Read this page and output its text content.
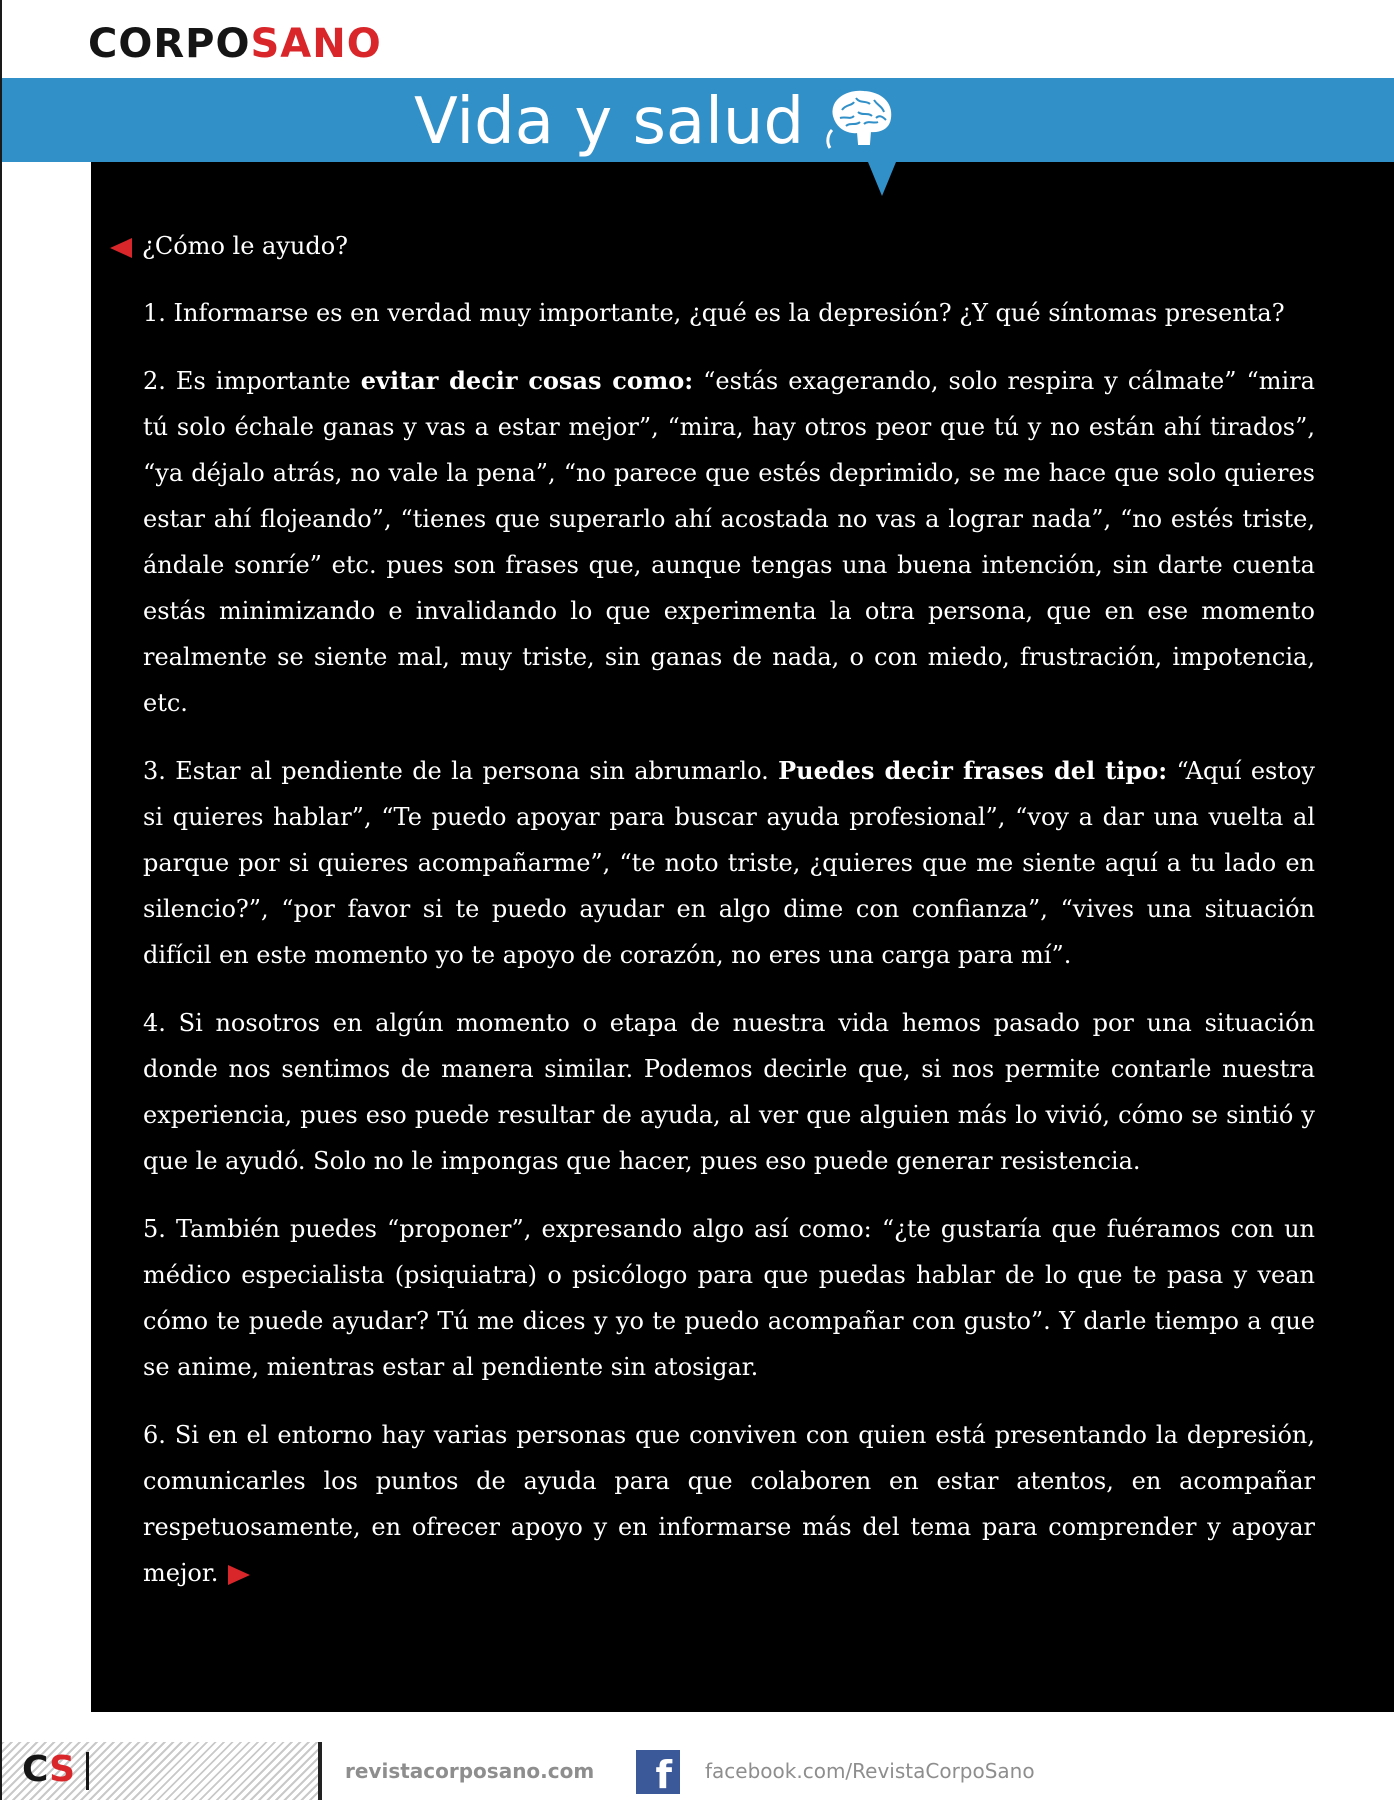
CORPOSANO
Vida y salud
¿Cómo le ayudo?

1. Informarse es en verdad muy importante, ¿qué es la depresión? ¿Y qué síntomas presenta?

2. Es importante evitar decir cosas como: “estás exagerando, solo respira y cálmate” “mira tú solo échale ganas y vas a estar mejor”, “mira, hay otros peor que tú y no están ahí tirados”, “ya déjalo atrás, no vale la pena”, “no parece que estés deprimido, se me hace que solo quieres estar ahí flojeando”, “tienes que superarlo ahí acostada no vas a lograr nada”, “no estés triste, ándale sonríe” etc. pues son frases que, aunque tengas una buena intención, sin darte cuenta estás minimizando e invalidando lo que experimenta la otra persona, que en ese momento realmente se siente mal, muy triste, sin ganas de nada, o con miedo, frustración, impotencia, etc.

3. Estar al pendiente de la persona sin abrumarlo. Puedes decir frases del tipo: “Aquí estoy si quieres hablar”, “Te puedo apoyar para buscar ayuda profesional”, “voy a dar una vuelta al parque por si quieres acompañarme”, “te noto triste, ¿quieres que me siente aquí a tu lado en silencio?”, “por favor si te puedo ayudar en algo dime con confianza”, “vives una situación difícil en este momento yo te apoyo de corazón, no eres una carga para mí”.

4. Si nosotros en algún momento o etapa de nuestra vida hemos pasado por una situación donde nos sentimos de manera similar. Podemos decirle que, si nos permite contarle nuestra experiencia, pues eso puede resultar de ayuda, al ver que alguien más lo vivió, cómo se sintió y que le ayudó. Solo no le impongas que hacer, pues eso puede generar resistencia.

5. También puedes “proponer”, expresando algo así como: “¿te gustaría que fuéramos con un médico especialista (psiquiatra) o psicólogo para que puedas hablar de lo que te pasa y vean cómo te puede ayudar? Tú me dices y yo te puedo acompañar con gusto”. Y darle tiempo a que se anime, mientras estar al pendiente sin atosigar.

6. Si en el entorno hay varias personas que conviven con quien está presentando la depresión, comunicarles los puntos de ayuda para que colaboren en estar atentos, en acompañar respetuosamente, en ofrecer apoyo y en informarse más del tema para comprender y apoyar mejor.

CS	revistacorposano.com	f	facebook.com/RevistaCorpoSano
